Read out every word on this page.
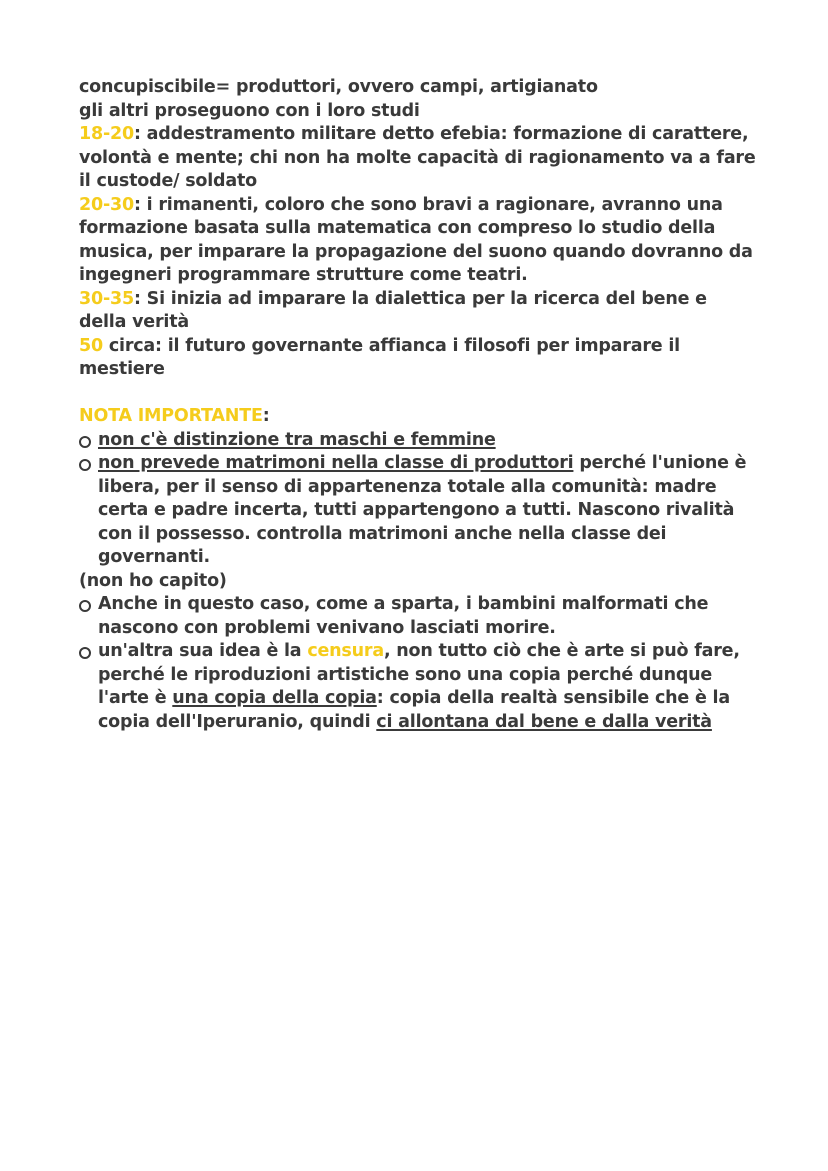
concupiscibile= produttori, ovvero campi, artigianato

gli altri proseguono con i loro studi

18-20: addestramento militare detto efebia: formazione di carattere, volontà e mente; chi non ha molte capacità di ragionamento va a fare il custode/ soldato

20-30: i rimanenti, coloro che sono bravi a ragionare, avranno una formazione basata sulla matematica con compreso lo studio della musica, per imparare la propagazione del suono quando dovranno da ingegneri programmare strutture come teatri.

30-35: Si inizia ad imparare la dialettica per la ricerca del bene e della verità

50 circa: il futuro governante affianca i filosofi per imparare il mestiere

NOTA IMPORTANTE:

non c'è distinzione tra maschi e femmine
non prevede matrimoni nella classe di produttori perché l'unione è libera, per il senso di appartenenza totale alla comunità: madre certa e padre incerta, tutti appartengono a tutti. Nascono rivalità con il possesso. controlla matrimoni anche nella classe dei governanti.

(non ho capito)

Anche in questo caso, come a sparta, i bambini malformati che nascono con problemi venivano lasciati morire.
un'altra sua idea è la censura, non tutto ciò che è arte si può fare, perché le riproduzioni artistiche sono una copia perché dunque l'arte è una copia della copia: copia della realtà sensibile che è la copia dell'Iperuranio, quindi ci allontana dal bene e dalla verità
